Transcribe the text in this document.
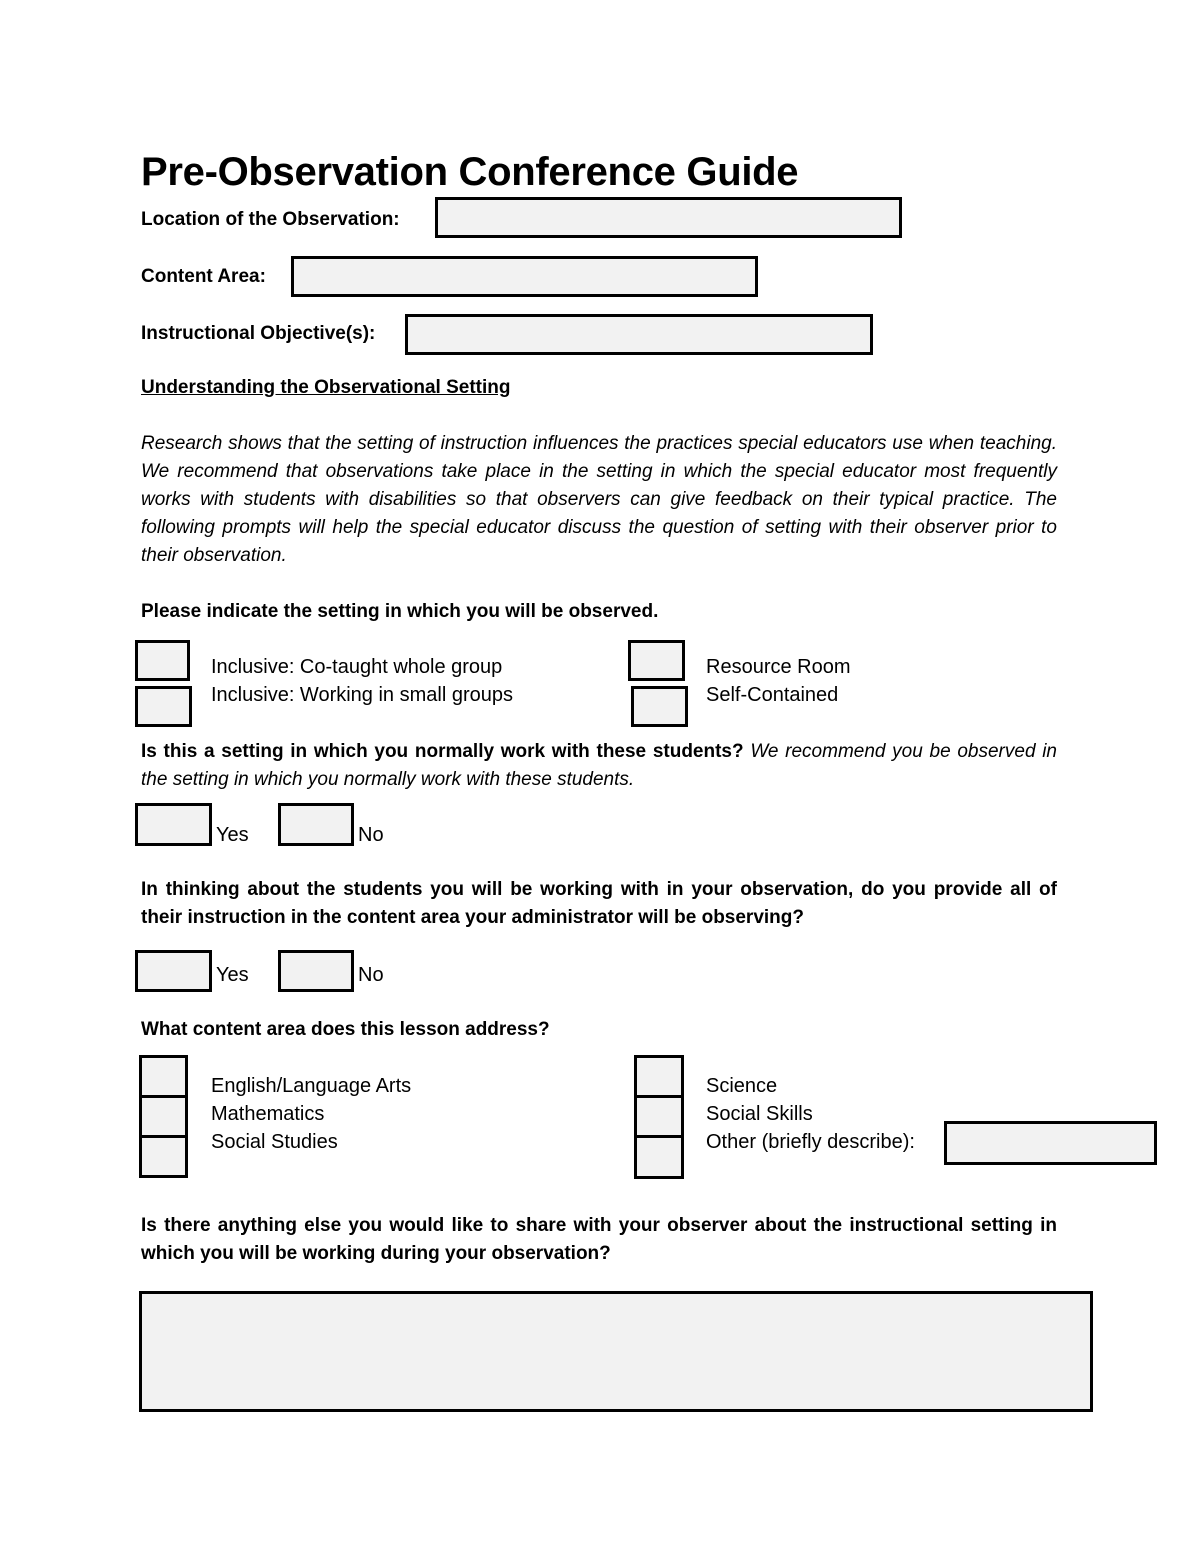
Pre-Observation Conference Guide
Location of the Observation:
Content Area:
Instructional Objective(s):
Understanding the Observational Setting
Research shows that the setting of instruction influences the practices special educators use when teaching. We recommend that observations take place in the setting in which the special educator most frequently works with students with disabilities so that observers can give feedback on their typical practice. The following prompts will help the special educator discuss the question of setting with their observer prior to their observation.
Please indicate the setting in which you will be observed.
Inclusive: Co-taught whole group
Inclusive: Working in small groups
Resource Room
Self-Contained
Is this a setting in which you normally work with these students? We recommend you be observed in the setting in which you normally work with these students.
Yes	No
In thinking about the students you will be working with in your observation, do you provide all of their instruction in the content area your administrator will be observing?
Yes	No
What content area does this lesson address?
English/Language Arts
Mathematics
Social Studies
Science
Social Skills
Other (briefly describe):
Is there anything else you would like to share with your observer about the instructional setting in which you will be working during your observation?
